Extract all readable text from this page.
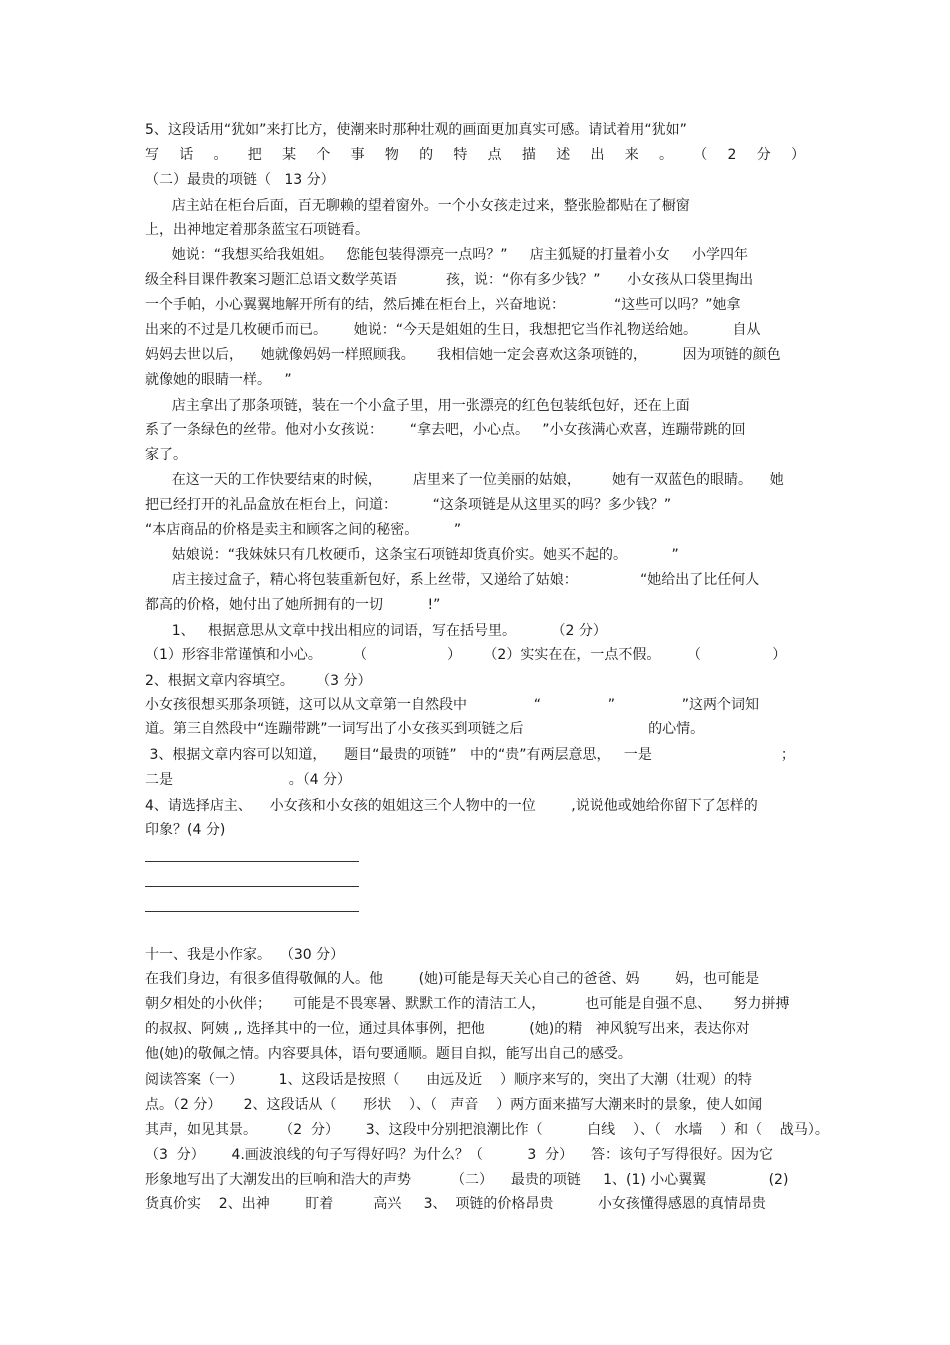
5、这段话用“犹如”来打比方，使潮来时那种壮观的画面更加真实可感。请试着用“犹如”
写 话 。 把 某 个 事 物 的 特 点 描 述 出 来 。 （ 2 分 ）
（二）最贵的项链（   13 分）
店主站在柜台后面，百无聊赖的望着窗外。一个小女孩走过来，整张脸都贴在了橱窗
上，出神地定着那条蓝宝石项链看。
她说：“我想买给我姐姐。   您能包装得漂亮一点吗？”     店主狐疑的打量着小女     小学四年
级全科目课件教案习题汇总语文数学英语           孩，说：“你有多少钱？”      小女孩从口袋里掏出
一个手帕，小心翼翼地解开所有的结，然后摊在柜台上，兴奋地说：           “这些可以吗？”她拿
出来的不过是几枚硬币而已。      她说：“今天是姐姐的生日，我想把它当作礼物送给她。        自从
妈妈去世以后，    她就像妈妈一样照顾我。     我相信她一定会喜欢这条项链的，        因为项链的颜色
就像她的眼睛一样。   ”
店主拿出了那条项链，装在一个小盒子里，用一张漂亮的红色包装纸包好，还在上面
系了一条绿色的丝带。他对小女孩说：      “拿去吧，小心点。   ”小女孩满心欢喜，连蹦带跳的回
家了。
在这一天的工作快要结束的时候，       店里来了一位美丽的姑娘，       她有一双蓝色的眼睛。    她
把已经打开的礼品盒放在柜台上，问道：        “这条项链是从这里买的吗？多少钱？”
“本店商品的价格是卖主和顾客之间的秘密。        ”
姑娘说：“我妹妹只有几枚硬币，这条宝石项链却货真价实。她买不起的。          ”
店主接过盒子，精心将包装重新包好，系上丝带，又递给了姑娘：              “她给出了比任何人
都高的价格，她付出了她所拥有的一切          !”
1、   根据意思从文章中找出相应的词语，写在括号里。        （2 分）
（1）形容非常谨慎和小心。       （                  ）     （2）实实在在，一点不假。      （                ）
2、根据文章内容填空。     （3 分）
小女孩很想买那条项链，这可以从文章第一自然段中               “               ”               ”这两个词知
道。第三自然段中“连蹦带跳”一词写出了小女孩买到项链之后                            的心情。
3、根据文章内容可以知道，    题目“最贵的项链”   中的“贵”有两层意思，   一是                             ；
二是                          。（4 分）
4、请选择店主、    小女孩和小女孩的姐姐这三个人物中的一位        ,说说他或她给你留下了怎样的
印象？(4 分)
十一、我是小作家。  （30 分）
在我们身边，有很多值得敬佩的人。他        (她)可能是每天关心自己的爸爸、妈        妈，也可能是
朝夕相处的小伙伴；     可能是不畏寒暑、默默工作的清洁工人，         也可能是自强不息、     努力拼搏
的叔叔、阿姨 ,, 选择其中的一位，通过具体事例，把他          (她)的精   神风貌写出来，表达你对
他(她)的敬佩之情。内容要具体，语句要通顺。题目自拟，能写出自己的感受。
阅读答案（一）        1、这段话是按照（      由远及近    ）顺序来写的，突出了大潮（壮观）的特
点。（2 分）     2、这段话从（      形状    ）、（   声音    ）两方面来描写大潮来时的景象，使人如闻
其声，如见其景。     （2  分）      3、这段中分别把浪潮比作（          白线    ）、（   水墙    ）和（    战马）。
（3  分）      4.画波浪线的句子写得好吗？为什么？（          3  分）    答：该句子写得很好。因为它
形象地写出了大潮发出的巨响和浩大的声势         （二）    最贵的项链     1、(1) 小心翼翼              (2)
货真价实    2、出神        盯着         高兴     3、  项链的价格昂贵          小女孩懂得感恩的真情昂贵
